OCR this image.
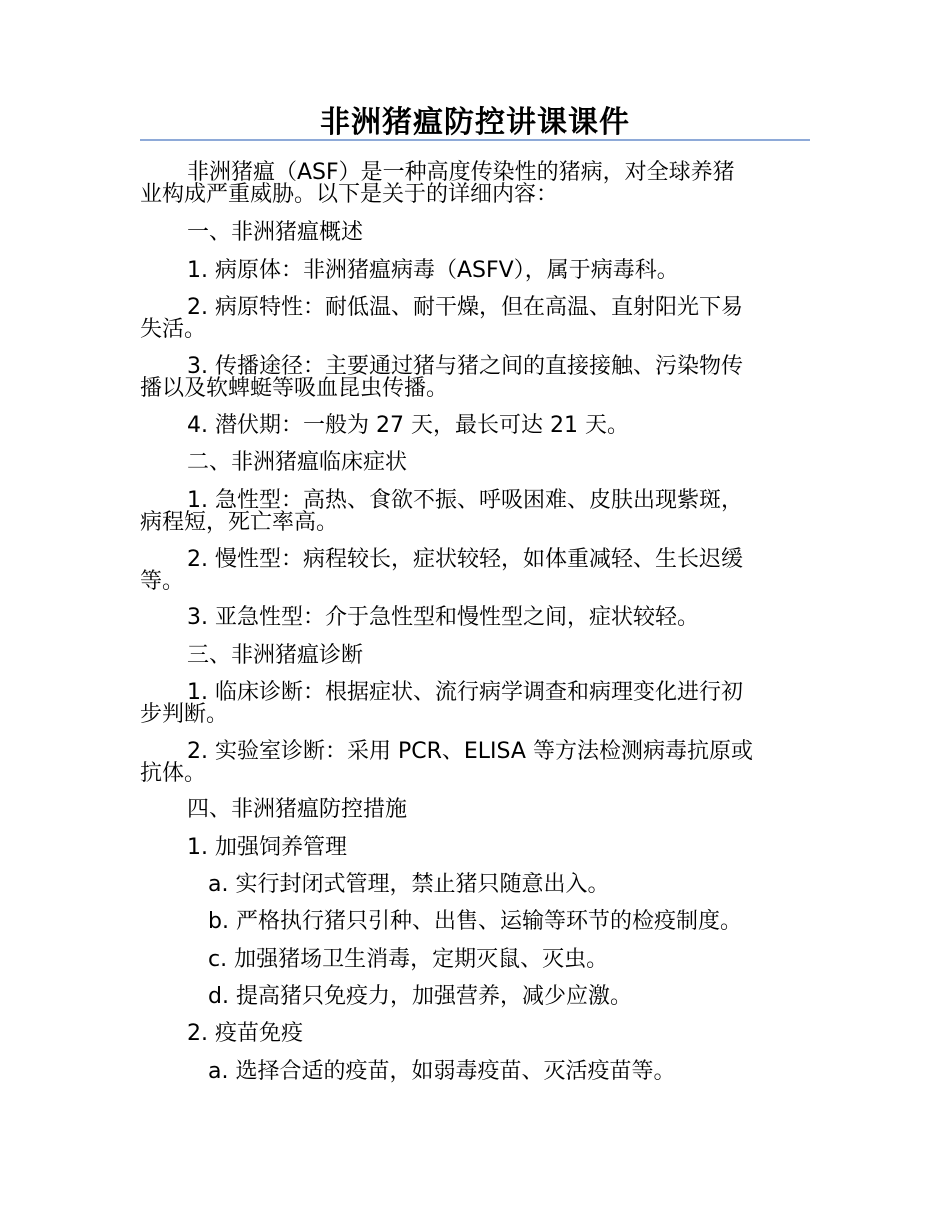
非洲猪瘟防控讲课课件

非洲猪瘟（ASF）是一种高度传染性的猪病，对全球养猪
业构成严重威胁。以下是关于的详细内容：

一、非洲猪瘟概述

1. 病原体：非洲猪瘟病毒（ASFV），属于病毒科。

2. 病原特性：耐低温、耐干燥，但在高温、直射阳光下易
失活。

3. 传播途径：主要通过猪与猪之间的直接接触、污染物传
播以及软蜱蜓等吸血昆虫传播。

4. 潜伏期：一般为 27 天，最长可达 21 天。

二、非洲猪瘟临床症状

1. 急性型：高热、食欲不振、呼吸困难、皮肤出现紫斑，
病程短，死亡率高。

2. 慢性型：病程较长，症状较轻，如体重减轻、生长迟缓
等。

3. 亚急性型：介于急性型和慢性型之间，症状较轻。

三、非洲猪瘟诊断

1. 临床诊断：根据症状、流行病学调查和病理变化进行初
步判断。

2. 实验室诊断：采用 PCR、ELISA 等方法检测病毒抗原或
抗体。

四、非洲猪瘟防控措施

1. 加强饲养管理

a. 实行封闭式管理，禁止猪只随意出入。

b. 严格执行猪只引种、出售、运输等环节的检疫制度。

c. 加强猪场卫生消毒，定期灭鼠、灭虫。

d. 提高猪只免疫力，加强营养，减少应激。

2. 疫苗免疫

a. 选择合适的疫苗，如弱毒疫苗、灭活疫苗等。
